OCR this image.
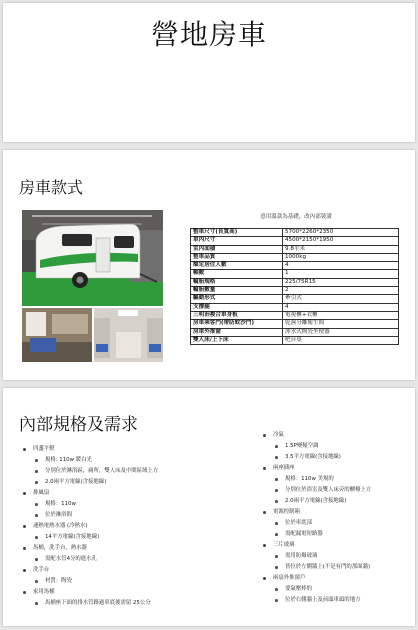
營地房車
房車款式
意用溫款為基礎，改內部裝潢
整車尺寸(長寬高)	5700*2260*2350
車內尺寸	4500*2150*1950
室內面積	9.8平米
整車品質	1000kg
額定居住人數	4
軸數	1
輪胎規格	225/75R15
輪胎數量	2
驅動形式	牽引式
支撐腿	4
三明治複合車身板	電視櫃+衣櫃
房車乘客門(帶防蚊沙門)	乾濕分離衛生間
房車外推窗	沖水式陶瓷坐便器
雙人床/上下床	吧台桌
內部規格及需求
四盞平燈
規格: 110w 暖白光
分別位於淋浴區，廁所，雙人床及中間區域上方
2.0兩平方電線(含接地線)
排風扇
規格：110w
位於淋浴間
速熱電熱水器 (冷熱水)
14平方電線(含接地線)
馬桶，洗手台，熱水器
需配水管4分的進水孔
洗手台
材質：陶瓷
家用馬桶
馬桶座下面的排水管路過車底後需留 25公分
冷氣
1.5P變頻空調
3.5平方電線(含接地線)
兩座插座
規格：110w 美規的
分別位於浴室及雙人床旁的櫃檯上方
2.0兩平方電線(含接地線)
電源控制箱
位於車底部
需配漏電短路器
三片玻璃
需用防爆玻璃
皆位於左側牆上(不是有門的那面牆)
兩扇外推窗戶
要氣壓棒的
位於右側牆上及前頭車頭的地方
